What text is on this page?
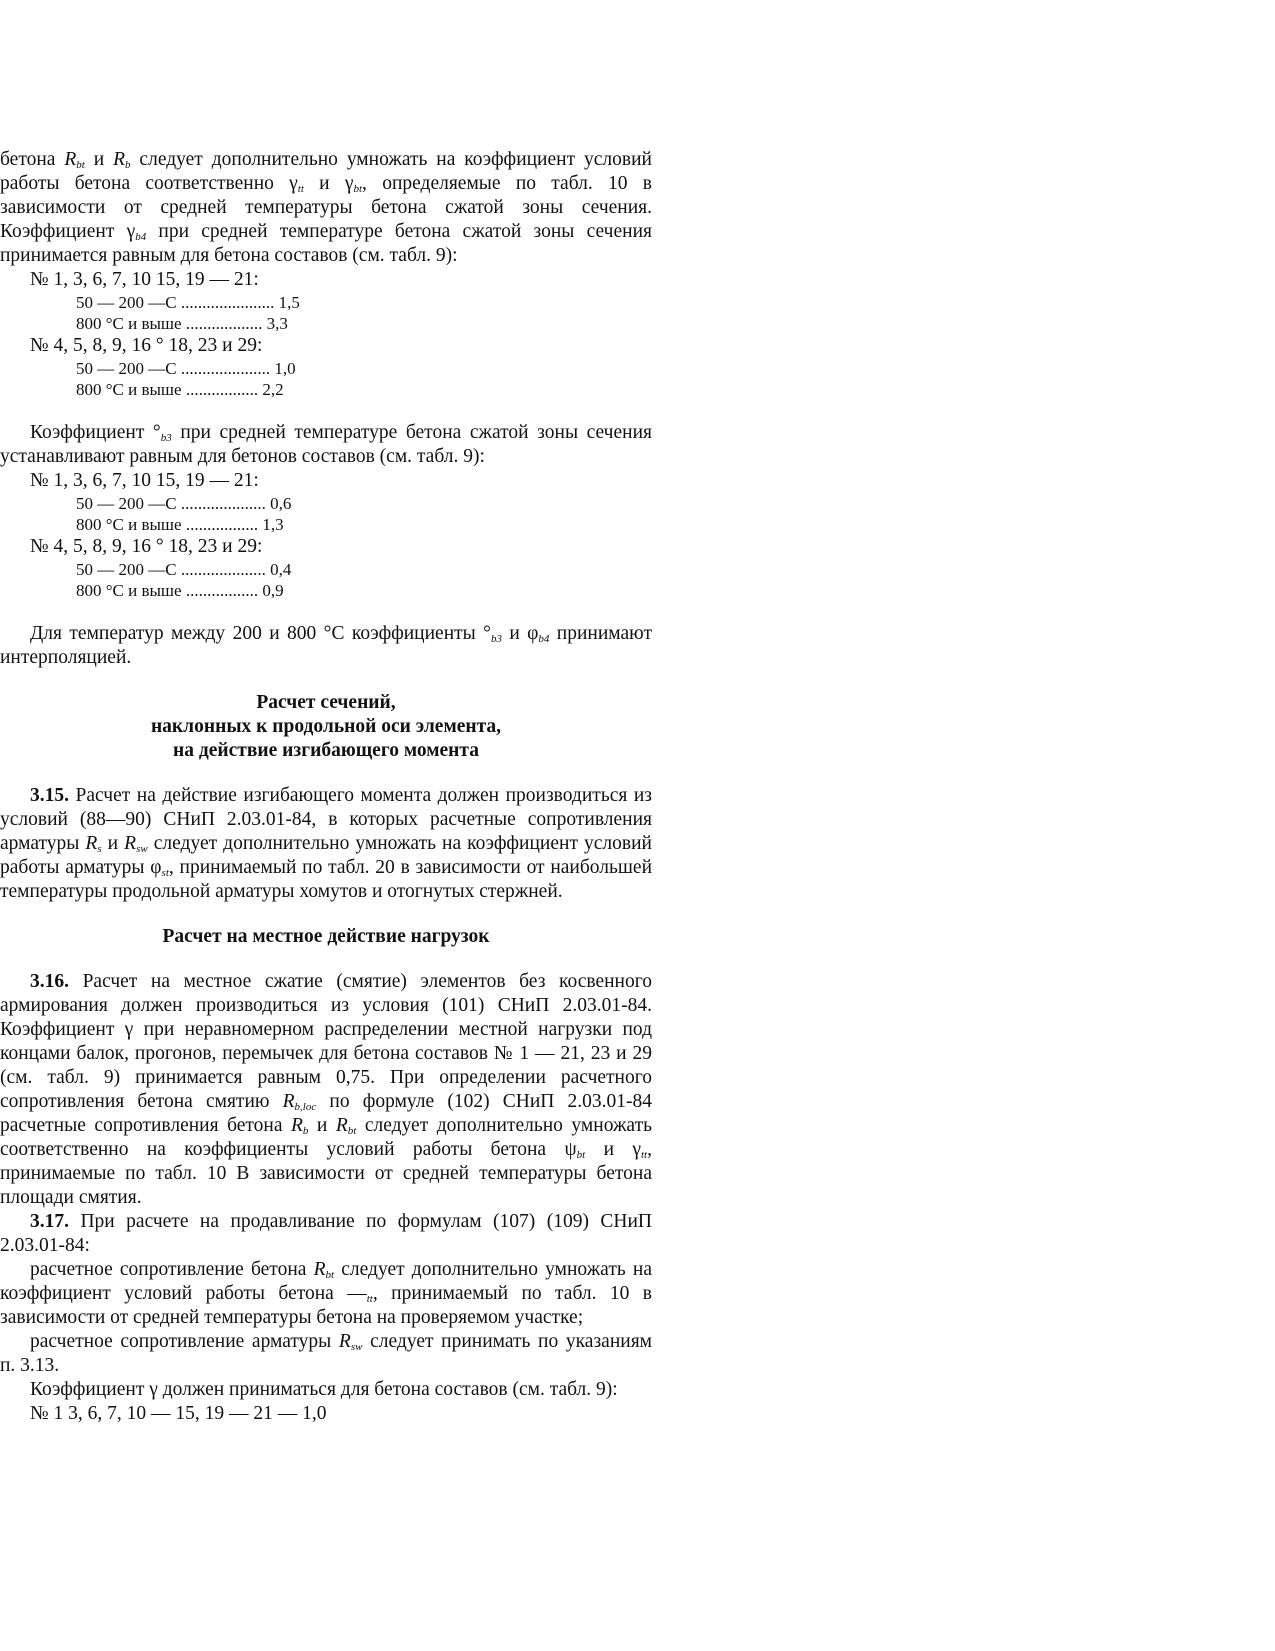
бетона $R_{bt}$ и $R_b$ следует дополнительно умножать на коэффициент условий работы бетона соответственно $\gamma_{tt}$ и $\gamma_{bt}$, определяемые по табл. 10 в зависимости от средней температуры бетона сжатой зоны сечения. Коэффициент $\gamma_{b4}$ при средней температуре бетона сжатой зоны сечения принимается равным для бетона составов (см. табл. 9):

№ 1, 3, 6, 7, 10 15, 19 — 21:
50 — 200 —С ...................... 1,5
800 °С и выше .................. 3,3
№ 4, 5, 8, 9, 16 ° 18, 23 и 29:
50 — 200 —С ..................... 1,0
800 °С и выше ................. 2,2

Коэффициент $^\circ_{b3}$ при средней температуре бетона сжатой зоны сечения устанавливают равным для бетонов составов (см. табл. 9):

№ 1, 3, 6, 7, 10 15, 19 — 21:
50 — 200 —С .................... 0,6
800 °С и выше ................. 1,3
№ 4, 5, 8, 9, 16 ° 18, 23 и 29:
50 — 200 —С .................... 0,4
800 °С и выше ................. 0,9

Для температур между 200 и 800 °С коэффициенты $^\circ_{b3}$ и $\varphi_{b4}$ принимают интерполяцией.

Расчет сечений,
наклонных к продольной оси элемента,
на действие изгибающего момента

3.15. Расчет на действие изгибающего момента должен производиться из условий (88—90) СНиП 2.03.01-84, в которых расчетные сопротивления арматуры $R_s$ и $R_{sw}$ следует дополнительно умножать на коэффициент условий работы арматуры $\varphi_{st}$, принимаемый по табл. 20 в зависимости от наибольшей температуры продольной арматуры хомутов и отогнутых стержней.

Расчет на местное действие нагрузок

3.16. Расчет на местное сжатие (смятие) элементов без косвенного армирования должен производиться из условия (101) СНиП 2.03.01-84. Коэффициент γ при неравномерном распределении местной нагрузки под концами балок, прогонов, перемычек для бетона составов № 1 — 21, 23 и 29 (см. табл. 9) принимается равным 0,75. При определении расчетного сопротивления бетона смятию $R_{b,loc}$ по формуле (102) СНиП 2.03.01-84 расчетные сопротивления бетона $R_b$ и $R_{bt}$ следует дополнительно умножать соответственно на коэффициенты условий работы бетона $\psi_{bt}$ и $\gamma_{tt}$, принимаемые по табл. 10 В зависимости от средней температуры бетона площади смятия.

3.17. При расчете на продавливание по формулам (107) (109) СНиП 2.03.01-84:

расчетное сопротивление бетона $R_{bt}$ следует дополнительно умножать на коэффициент условий работы бетона $—_{tt}$, принимаемый по табл. 10 в зависимости от средней температуры бетона на проверяемом участке;

расчетное сопротивление арматуры $R_{sw}$ следует принимать по указаниям п. 3.13.

Коэффициент γ должен приниматься для бетона составов (см. табл. 9):

№ 1 3, 6, 7, 10 — 15, 19 — 21 — 1,0
